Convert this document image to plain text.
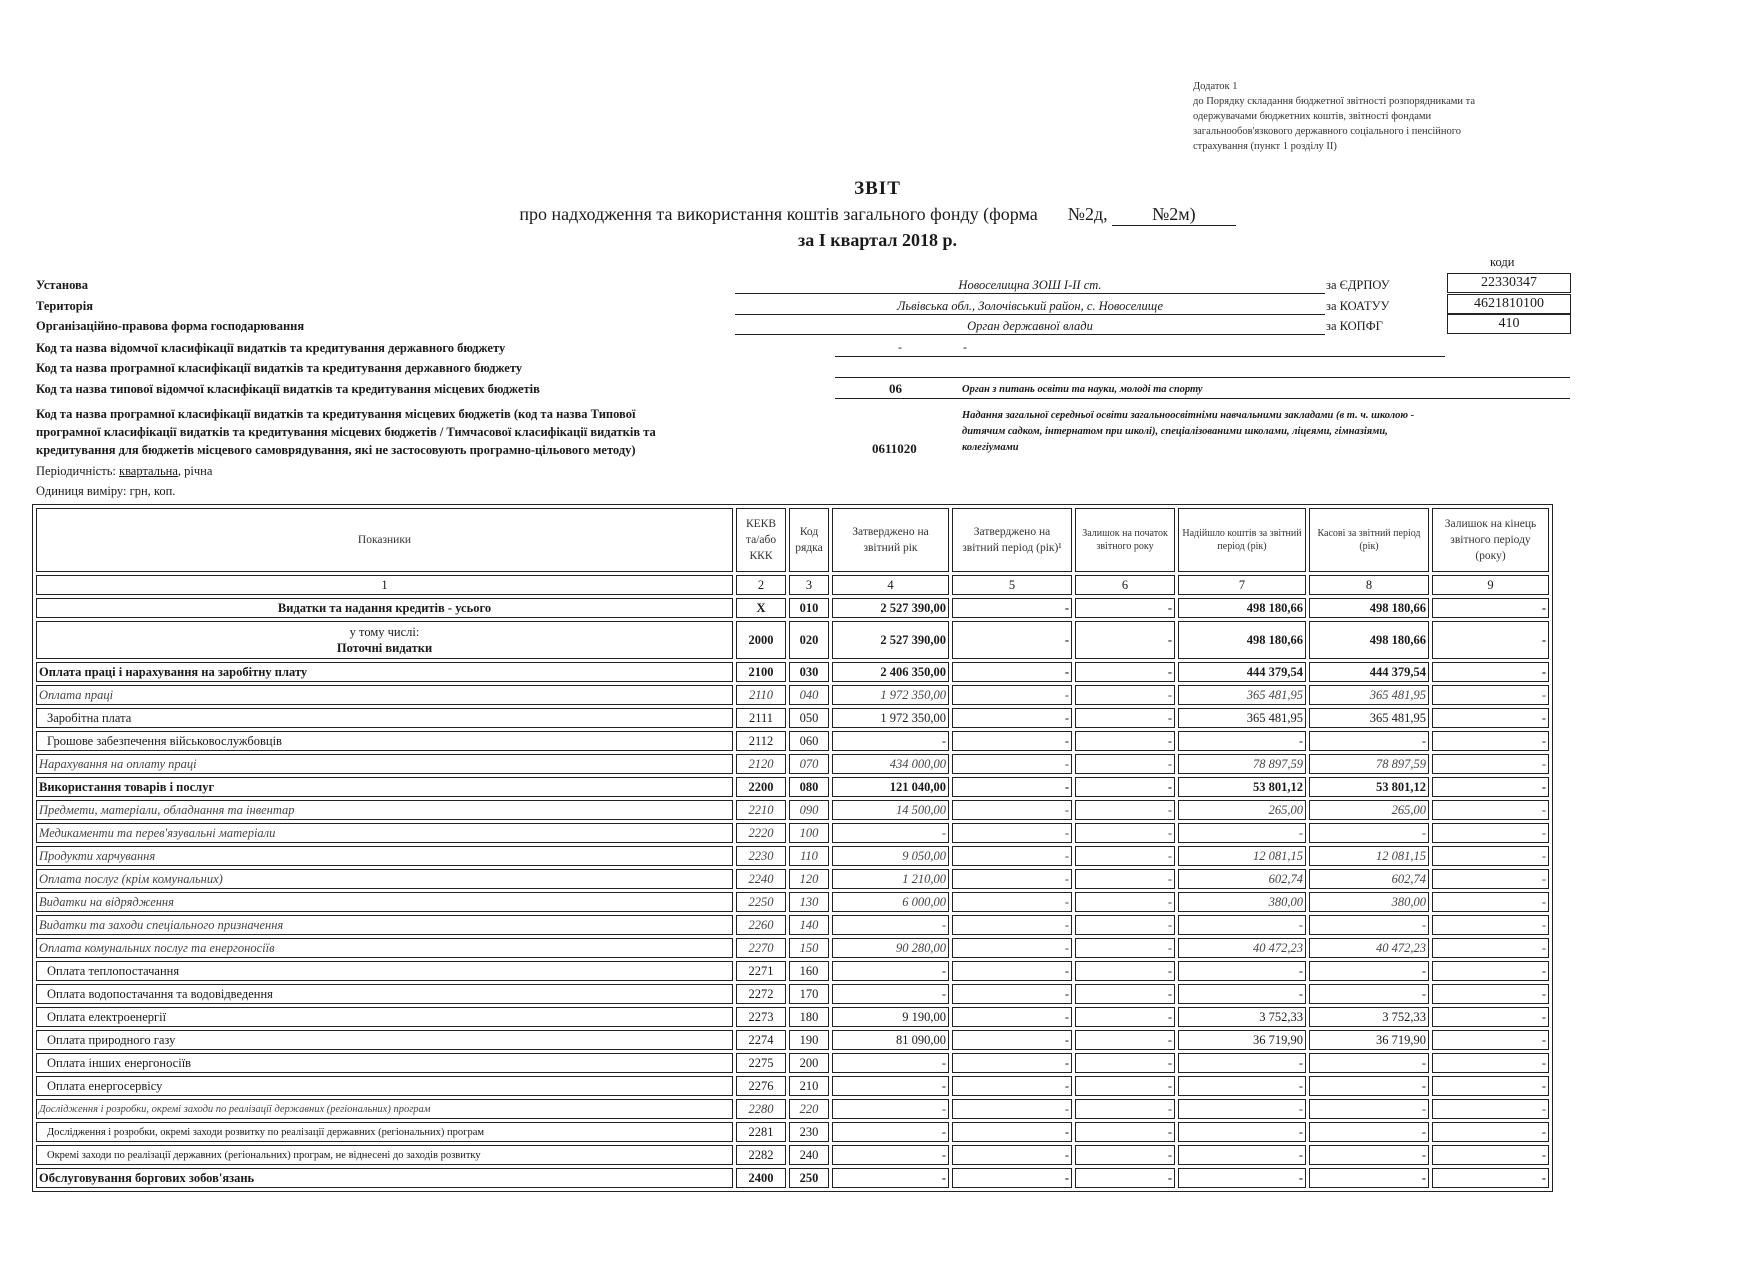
Додаток 1
до Порядку складання бюджетної звітності розпорядниками та
одержувачами бюджетних коштів, звітності фондами
загальнообов'язкового державного соціального і пенсійного
страхування (пункт 1 розділу II)
ЗВІТ
про надходження та використання коштів загального фонду (форма №2д, №2м)
за І квартал 2018 р.
коди
Установа	Новоселищна ЗОШ І-ІІ ст.	за ЄДРПОУ	22330347
Територія	Львівська обл., Золочівський район, с. Новоселище	за КОАТУУ	4621810100
Організаційно-правова форма господарювання	Орган державної влади	за КОПФГ	410
Код та назва відомчої класифікації видатків та кредитування державного бюджету	-	-
Код та назва програмної класифікації видатків та кредитування державного бюджету
Код та назва типової відомчої класифікації видатків та кредитування місцевих бюджетів	06	Орган з питань освіти та науки, молоді та спорту
Код та назва програмної класифікації видатків та кредитування місцевих бюджетів (код та назва Типової
програмної класифікації видатків та кредитування місцевих бюджетів / Тимчасової класифікації видатків та
кредитування для бюджетів місцевого самоврядування, які не застосовують програмно-цільового методу)	0611020
Надання загальної середньої освіти загальноосвітніми навчальними закладами (в т. ч. школою -
дитячим садком, інтернатом при школі), спеціалізованими школами, ліцеями, гімназіями,
колегіумами
Періодичність: квартальна, річна
Одиниця виміру: грн, коп.
Показники	КЕКВ та/або ККК	Код рядка	Затверджено на звітний рік	Затверджено на звітний період (рік)¹	Залишок на початок звітного року	Надійшло коштів за звітний період (рік)	Касові за звітний період (рік)	Залишок на кінець звітного періоду (року)
1	2	3	4	5	6	7	8	9
Видатки та надання кредитів - усього	X	010	2 527 390,00	-	-	498 180,66	498 180,66	-

у тому числі:
Поточні видатки	2000	020	2 527 390,00	-	-	498 180,66	498 180,66	-
Оплата праці і нарахування на заробітну плату	2100	030	2 406 350,00	-	-	444 379,54	444 379,54	-
Оплата праці	2110	040	1 972 350,00	-	-	365 481,95	365 481,95	-
Заробітна плата	2111	050	1 972 350,00	-	-	365 481,95	365 481,95	-
Грошове забезпечення військовослужбовців	2112	060	-	-	-	-	-	-
Нарахування на оплату праці	2120	070	434 000,00	-	-	78 897,59	78 897,59	-
Використання товарів і послуг	2200	080	121 040,00	-	-	53 801,12	53 801,12	-
Предмети, матеріали, обладнання та інвентар	2210	090	14 500,00	-	-	265,00	265,00	-
Медикаменти та перев'язувальні матеріали	2220	100	-	-	-	-	-	-
Продукти харчування	2230	110	9 050,00	-	-	12 081,15	12 081,15	-
Оплата послуг (крім комунальних)	2240	120	1 210,00	-	-	602,74	602,74	-
Видатки на відрядження	2250	130	6 000,00	-	-	380,00	380,00	-
Видатки та заходи спеціального призначення	2260	140	-	-	-	-	-	-
Оплата комунальних послуг та енергоносіїв	2270	150	90 280,00	-	-	40 472,23	40 472,23	-
Оплата теплопостачання	2271	160	-	-	-	-	-	-
Оплата водопостачання та водовідведення	2272	170	-	-	-	-	-	-
Оплата електроенергії	2273	180	9 190,00	-	-	3 752,33	3 752,33	-
Оплата природного газу	2274	190	81 090,00	-	-	36 719,90	36 719,90	-
Оплата інших енергоносіїв	2275	200	-	-	-	-	-	-
Оплата енергосервісу	2276	210	-	-	-	-	-	-
Дослідження і розробки, окремі заходи по реалізації державних (регіональних) програм	2280	220	-	-	-	-	-	-
Дослідження і розробки, окремі заходи розвитку по реалізації державних (регіональних) програм	2281	230	-	-	-	-	-	-
Окремі заходи по реалізації державних (регіональних) програм, не віднесені до заходів розвитку	2282	240	-	-	-	-	-	-
Обслуговування боргових зобов'язань	2400	250	-	-	-	-	-	-
